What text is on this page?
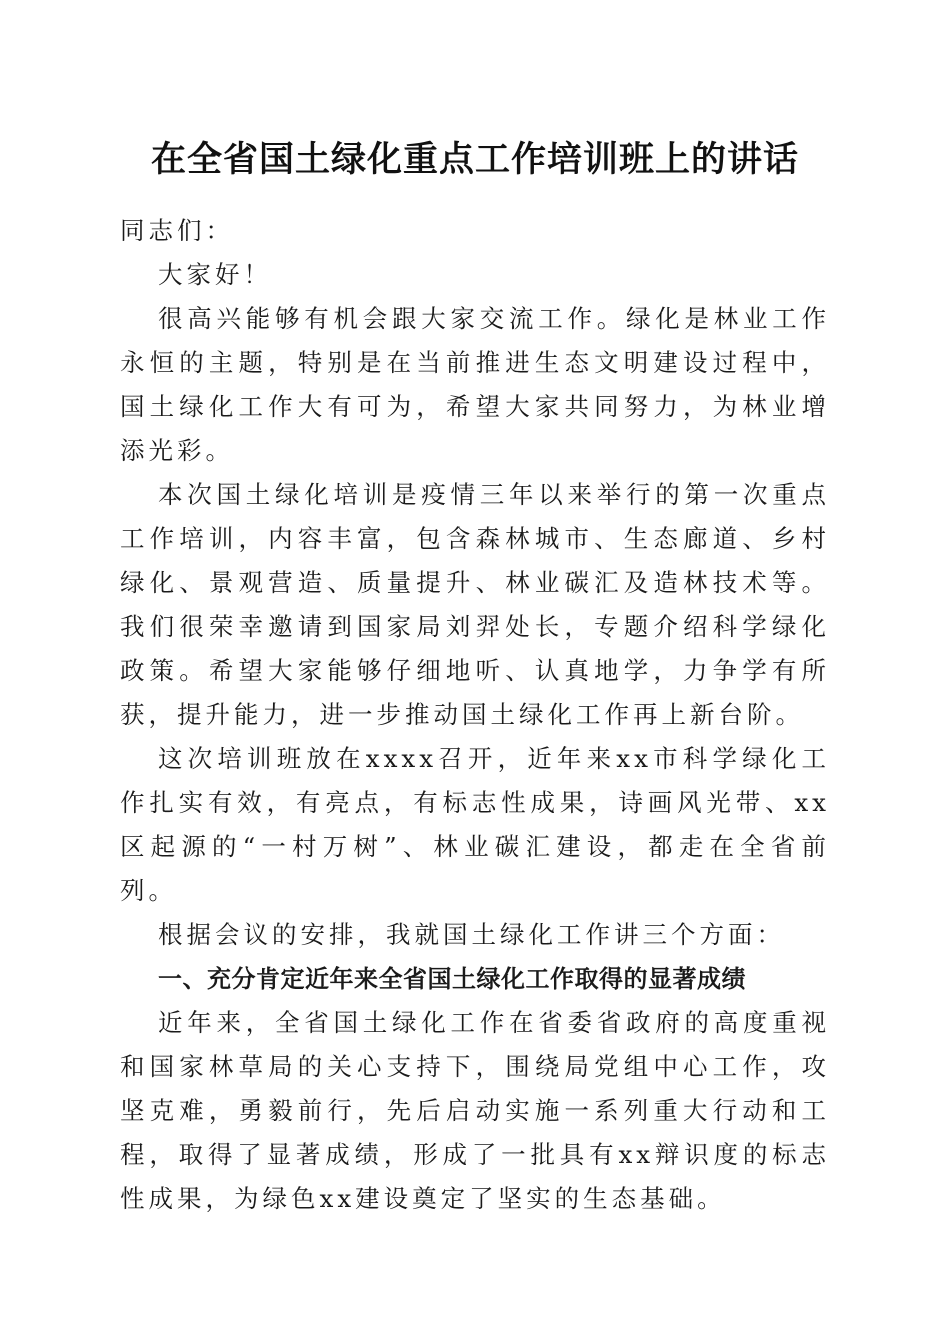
在全省国土绿化重点工作培训班上的讲话

同志们：

大家好！

很高兴能够有机会跟大家交流工作。绿化是林业工作永恒的主题，特别是在当前推进生态文明建设过程中，国土绿化工作大有可为，希望大家共同努力，为林业增添光彩。

本次国土绿化培训是疫情三年以来举行的第一次重点工作培训，内容丰富，包含森林城市、生态廊道、乡村绿化、景观营造、质量提升、林业碳汇及造林技术等。我们很荣幸邀请到国家局刘羿处长，专题介绍科学绿化政策。希望大家能够仔细地听、认真地学，力争学有所获，提升能力，进一步推动国土绿化工作再上新台阶。

这次培训班放在xxxx召开，近年来xx市科学绿化工作扎实有效，有亮点，有标志性成果，诗画风光带、xx区起源的“一村万树”、林业碳汇建设，都走在全省前列。

根据会议的安排，我就国土绿化工作讲三个方面：

一、充分肯定近年来全省国土绿化工作取得的显著成绩

近年来，全省国土绿化工作在省委省政府的高度重视和国家林草局的关心支持下，围绕局党组中心工作，攻坚克难，勇毅前行，先后启动实施一系列重大行动和工程，取得了显著成绩，形成了一批具有xx辩识度的标志性成果，为绿色xx建设奠定了坚实的生态基础。
